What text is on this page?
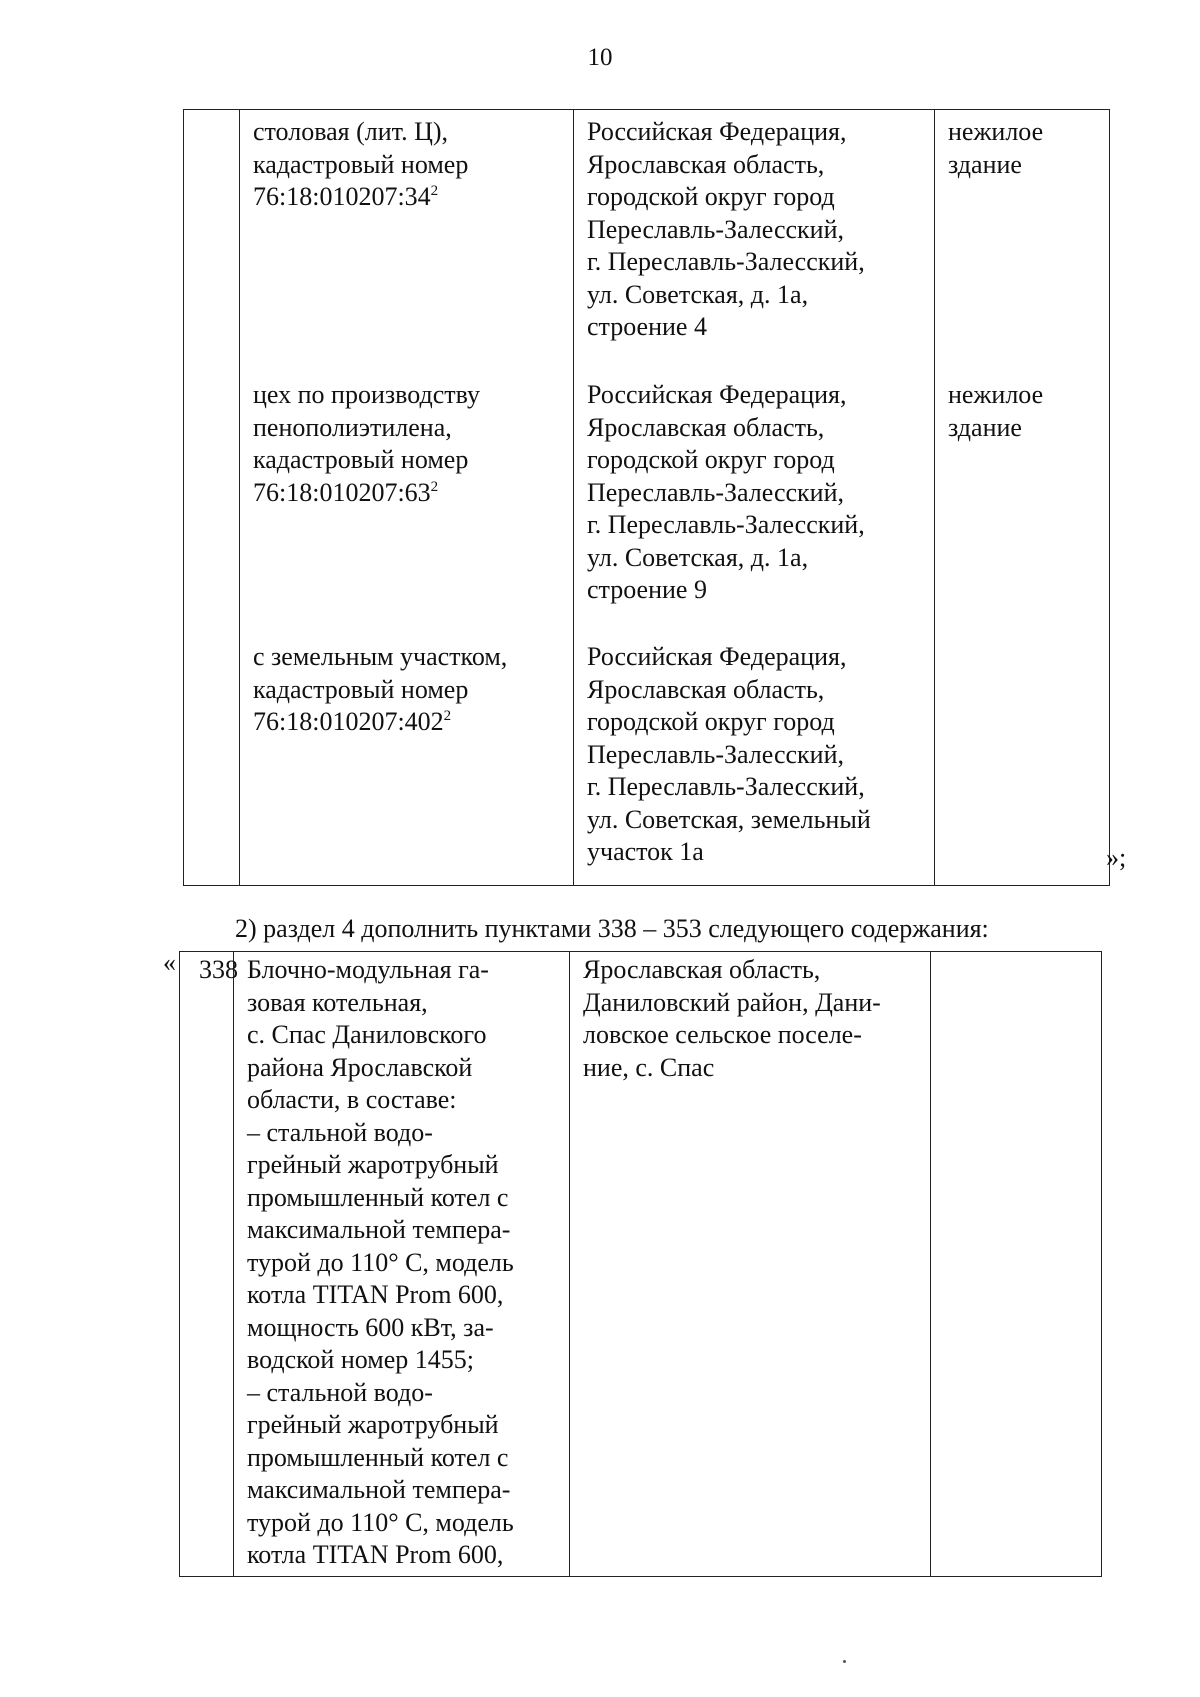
10
столовая (лит. Ц),
кадастровый номер
$76:18:010207:34^2$
Российская Федерация,
Ярославская область,
городской округ город
Переславль-Залесский,
г. Переславль-Залесский,
ул. Советская, д. 1а,
строение 4
нежилое
здание
цех по производству
пенополиэтилена,
кадастровый номер
$76:18:010207:63^2$
Российская Федерация,
Ярославская область,
городской округ город
Переславль-Залесский,
г. Переславль-Залесский,
ул. Советская, д. 1а,
строение 9
нежилое
здание
с земельным участком,
кадастровый номер
$76:18:010207:402^2$
Российская Федерация,
Ярославская область,
городской округ город
Переславль-Залесский,
г. Переславль-Залесский,
ул. Советская, земельный
участок 1а	»;
2) раздел 4 дополнить пунктами 338 – 353 следующего содержания:
« 338 Блочно-модульная га-
зовая котельная,
с. Спас Даниловского
района Ярославской
области, в составе:
– стальной водо-
грейный жаротрубный
промышленный котел с
максимальной темпера-
турой до 110° С, модель
котла TITAN Prom 600,
мощность 600 кВт, за-
водской номер 1455;
– стальной водо-
грейный жаротрубный
промышленный котел с
максимальной темпера-
турой до 110° С, модель
котла TITAN Prom 600,
Ярославская область,
Даниловский район, Дани-
ловское сельское поселе-
ние, с. Спас
